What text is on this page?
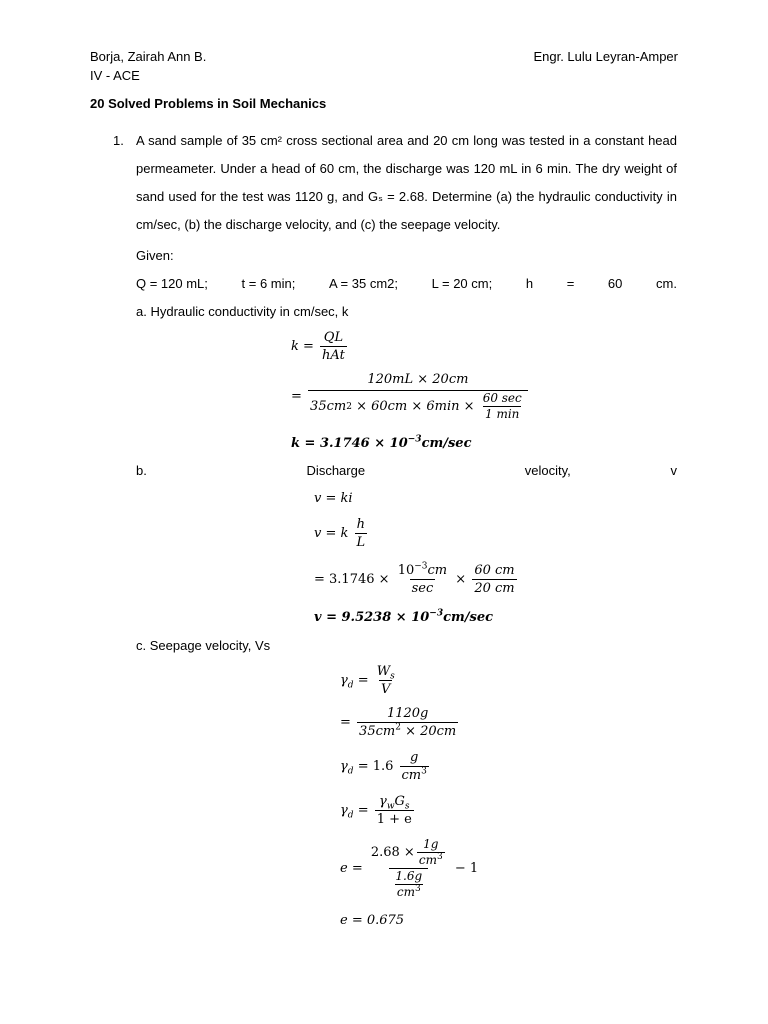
Borja, Zairah Ann B.
IV - ACE
Engr. Lulu Leyran-Amper
20 Solved Problems in Soil Mechanics
1. A sand sample of 35 cm² cross sectional area and 20 cm long was tested in a constant head permeameter. Under a head of 60 cm, the discharge was 120 mL in 6 min. The dry weight of sand used for the test was 1120 g, and Gₛ = 2.68. Determine (a) the hydraulic conductivity in cm/sec, (b) the discharge velocity, and (c) the seepage velocity.
Given:
Q = 120 mL;	t = 6 min;	A = 35 cm2;	L = 20 cm;	h	=	60	cm.
a. Hydraulic conductivity in cm/sec, k
$k = \frac{QL}{\text{hAt}}$
=
120mL × 20cm
35cm $2 \times 60cm \times 6\min \times \frac{60 \sec}{1 \min}$
$k = 3.1746 \times 10^{-3}cm/\sec$
b.	Discharge	velocity,	v
v = ki
v = k $\frac{h}{L}$
= $3.1746 \times \frac{10^{-3}cm}{\sec} \times \frac{60 cm}{20 cm}$
$v = 9.5238 \times 10^{-3}cm/\sec$
c. Seepage velocity, Vs
$\gamma_d = \frac{W_s}{V}$
= $\frac{1120g}{35cm^2 \times 20cm}$
$\gamma_d = 1.6 \frac{g}{cm^3}$
$\gamma_d = \frac{\gamma_wG_s}{1 + e}$
$e = \frac{2.68 \times \frac{1g}{cm^3}}{\frac{1.6g}{cm^3}} - 1$
e = 0.675
